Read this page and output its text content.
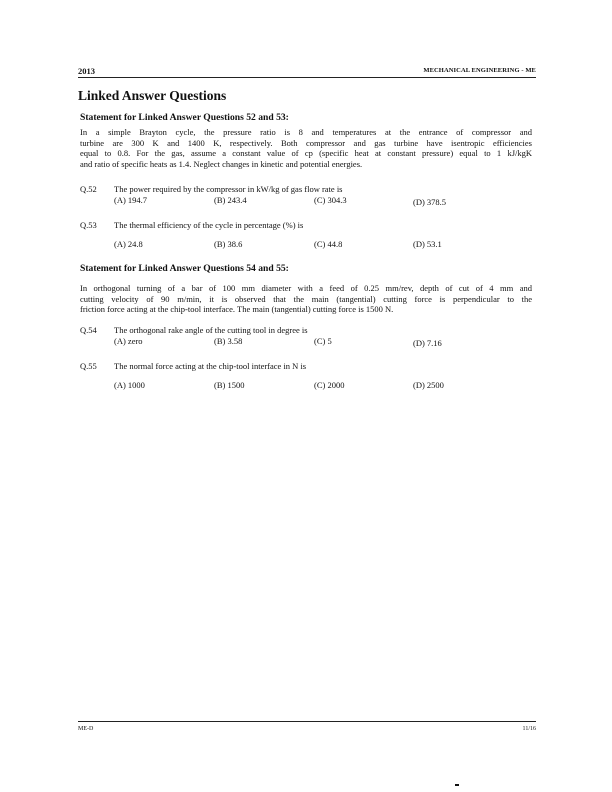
2013	MECHANICAL ENGINEERING - ME
Linked Answer Questions
Statement for Linked Answer Questions 52 and 53:
In a simple Brayton cycle, the pressure ratio is 8 and temperatures at the entrance of compressor and
turbine are 300 K and 1400 K, respectively. Both compressor and gas turbine have isentropic efficiencies
equal to 0.8. For the gas, assume a constant value of cp (specific heat at constant pressure) equal to 1 kJ/kgK
and ratio of specific heats as 1.4. Neglect changes in kinetic and potential energies.
Q.52 The power required by the compressor in kW/kg of gas flow rate is
(A) 194.7	(B) 243.4	(C) 304.3	(D) 378.5
Q.53 The thermal efficiency of the cycle in percentage (%) is
(A) 24.8	(B) 38.6	(C) 44.8	(D) 53.1
Statement for Linked Answer Questions 54 and 55:
In orthogonal turning of a bar of 100 mm diameter with a feed of 0.25 mm/rev, depth of cut of 4 mm and
cutting velocity of 90 m/min, it is observed that the main (tangential) cutting force is perpendicular to the
friction force acting at the chip-tool interface. The main (tangential) cutting force is 1500 N.
Q.54 The orthogonal rake angle of the cutting tool in degree is
(A) zero	(B) 3.58	(C) 5	(D) 7.16
Q.55 The normal force acting at the chip-tool interface in N is
(A) 1000	(B) 1500	(C) 2000	(D) 2500
ME-D	11/16
